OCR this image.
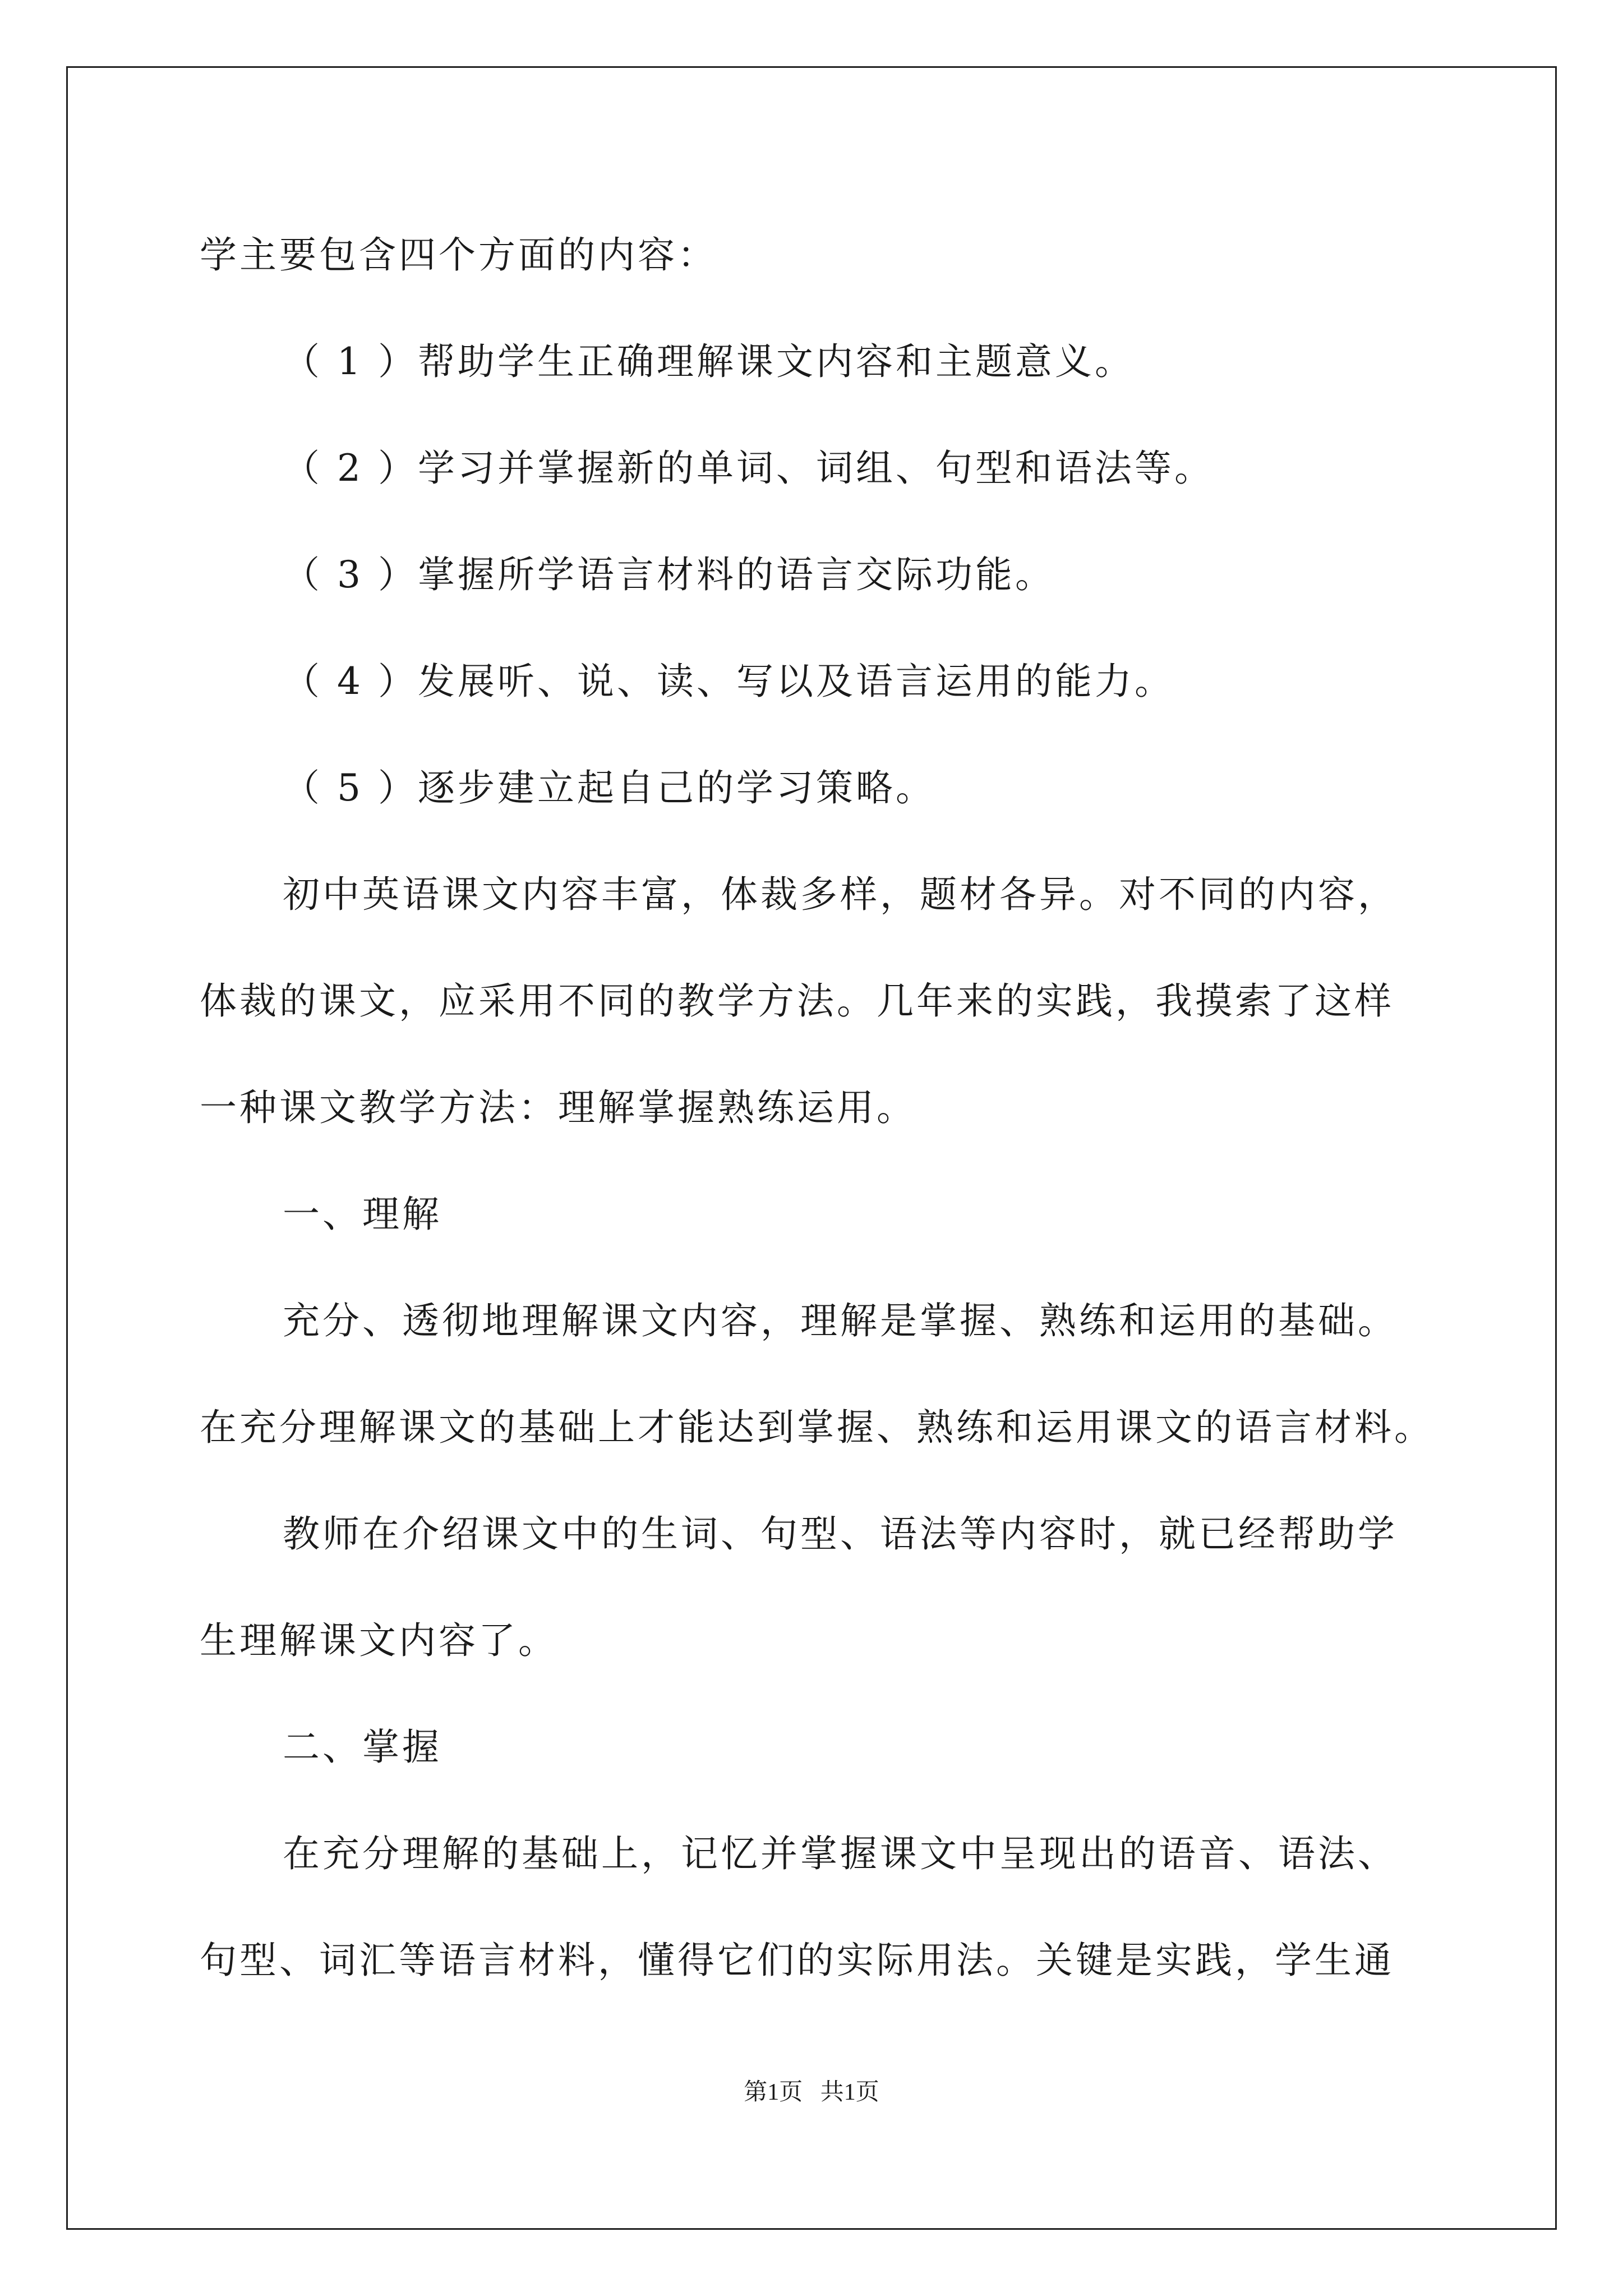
学主要包含四个方面的内容：
（ 1 ）帮助学生正确理解课文内容和主题意义。
（ 2 ）学习并掌握新的单词、词组、句型和语法等。
（ 3 ）掌握所学语言材料的语言交际功能。
（ 4 ）发展听、说、读、写以及语言运用的能力。
（ 5 ）逐步建立起自己的学习策略。
初中英语课文内容丰富，体裁多样，题材各异。对不同的内容，
体裁的课文，应采用不同的教学方法。几年来的实践，我摸索了这样
一种课文教学方法：理解掌握熟练运用。
一、理解
充分、透彻地理解课文内容，理解是掌握、熟练和运用的基础。
在充分理解课文的基础上才能达到掌握、熟练和运用课文的语言材料。
教师在介绍课文中的生词、句型、语法等内容时，就已经帮助学
生理解课文内容了。
二、掌握
在充分理解的基础上，记忆并掌握课文中呈现出的语音、语法、
句型、词汇等语言材料，懂得它们的实际用法。关键是实践，学生通
第1页   共1页
